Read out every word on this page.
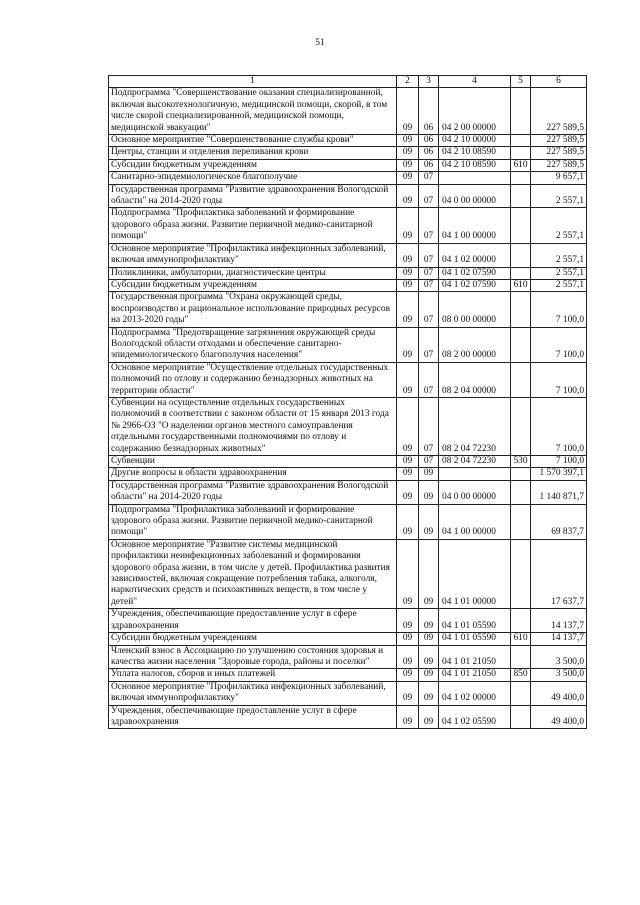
51
1	2	3	4	5	6
Подпрограмма "Совершенствование оказания специализированной, включая высокотехнологичную, медицинской помощи, скорой, в том числе скорой специализированной, медицинской помощи, медицинской эвакуации"	09	06	04 2 00 00000		227 589,5
Основное мероприятие "Совершенствование службы крови"	09	06	04 2 10 00000		227 589,5
Центры, станции и отделения переливания крови	09	06	04 2 10 08590		227 589,5
Субсидии бюджетным учреждениям	09	06	04 2 10 08590	610	227 589,5
Санитарно-эпидемиологическое благополучие	09	07			9 657,1
Государственная программа "Развитие здравоохранения Вологодской области" на 2014-2020 годы	09	07	04 0 00 00000		2 557,1
Подпрограмма "Профилактика заболеваний и формирование здорового образа жизни. Развитие первичной медико-санитарной помощи"	09	07	04 1 00 00000		2 557,1
Основное мероприятие "Профилактика инфекционных заболеваний, включая иммунопрофилактику"	09	07	04 1 02 00000		2 557,1
Поликлиники, амбулатории, диагностические центры	09	07	04 1 02 07590		2 557,1
Субсидии бюджетным учреждениям	09	07	04 1 02 07590	610	2 557,1
Государственная программа "Охрана окружающей среды, воспроизводство и рациональное использование природных ресурсов на 2013-2020 годы"	09	07	08 0 00 00000		7 100,0
Подпрограмма "Предотвращение загрязнения окружающей среды Вологодской области отходами и обеспечение санитарно-эпидемиологического благополучия населения"	09	07	08 2 00 00000		7 100,0
Основное мероприятие "Осуществление отдельных государственных полномочий по отлову и содержанию безнадзорных животных на территории области"	09	07	08 2 04 00000		7 100,0
Субвенции на осуществление отдельных государственных полномочий в соответствии с законом области от 15 января 2013 года № 2966-ОЗ "О наделении органов местного самоуправления отдельными государственными полномочиями по отлову и содержанию безнадзорных животных"	09	07	08 2 04 72230		7 100,0
Субвенции	09	07	08 2 04 72230	530	7 100,0
Другие вопросы в области здравоохранения	09	09			1 570 397,1
Государственная программа "Развитие здравоохранения Вологодской области" на 2014-2020 годы	09	09	04 0 00 00000		1 140 871,7
Подпрограмма "Профилактика заболеваний и формирование здорового образа жизни. Развитие первичной медико-санитарной помощи"	09	09	04 1 00 00000		69 837,7
Основное мероприятие "Развитие системы медицинской профилактики неинфекционных заболеваний и формирования здорового образа жизни, в том числе у детей. Профилактика развития зависимостей, включая сокращение потребления табака, алкоголя, наркотических средств и психоактивных веществ, в том числе у детей"	09	09	04 1 01 00000		17 637,7
Учреждения, обеспечивающие предоставление услуг в сфере здравоохранения	09	09	04 1 01 05590		14 137,7
Субсидии бюджетным учреждениям	09	09	04 1 01 05590	610	14 137,7
Членский взнос в Ассоциацию по улучшению состояния здоровья и качества жизни населения "Здоровые города, районы и поселки"	09	09	04 1 01 21050		3 500,0
Уплата налогов, сборов и иных платежей	09	09	04 1 01 21050	850	3 500,0
Основное мероприятие "Профилактика инфекционных заболеваний, включая иммунопрофилактику"	09	09	04 1 02 00000		49 400,0
Учреждения, обеспечивающие предоставление услуг в сфере здравоохранения	09	09	04 1 02 05590		49 400,0
